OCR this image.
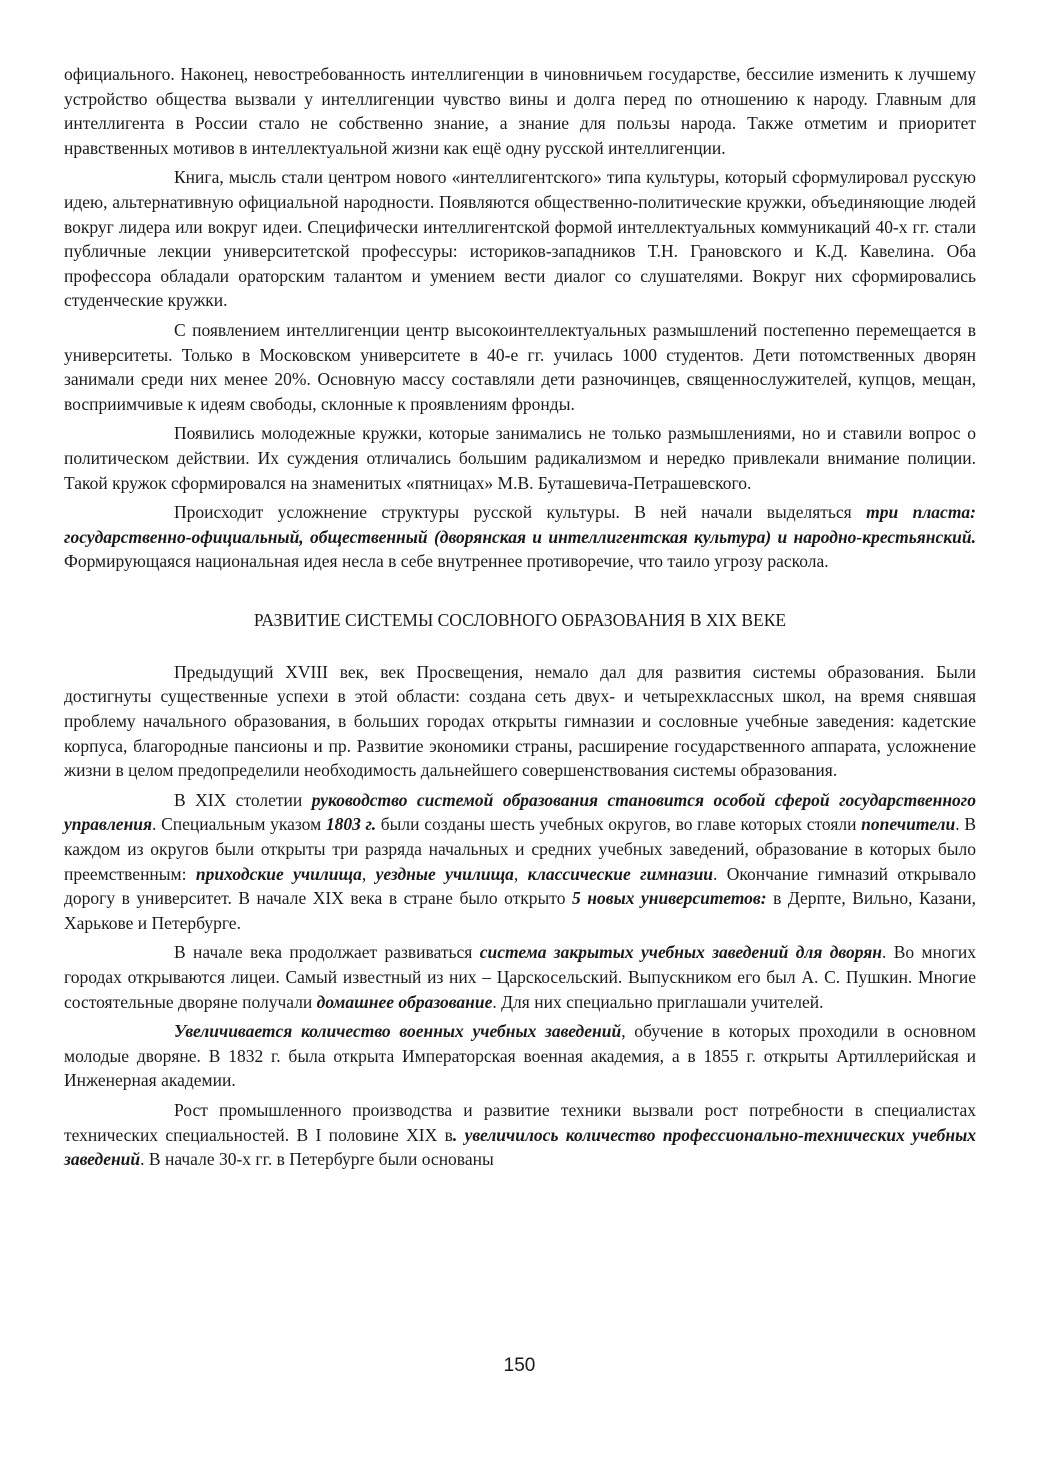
официального. Наконец, невостребованность интеллигенции в чиновничьем государстве, бессилие изменить к лучшему устройство общества вызвали у интеллигенции чувство вины и долга перед по отношению к народу. Главным для интеллигента в России стало не собственно знание, а знание для пользы народа. Также отметим и приоритет нравственных мотивов в интеллектуальной жизни как ещё одну русской интеллигенции.

Книга, мысль стали центром нового «интеллигентского» типа культуры, который сформулировал русскую идею, альтернативную официальной народности. Появляются общественно-политические кружки, объединяющие людей вокруг лидера или вокруг идеи. Специфически интеллигентской формой интеллектуальных коммуникаций 40-х гг. стали публичные лекции университетской профессуры: историков-западников Т.Н. Грановского и К.Д. Кавелина. Оба профессора обладали ораторским талантом и умением вести диалог со слушателями. Вокруг них сформировались студенческие кружки.

С появлением интеллигенции центр высокоинтеллектуальных размышлений постепенно перемещается в университеты. Только в Московском университете в 40-е гг. училась 1000 студентов. Дети потомственных дворян занимали среди них менее 20%. Основную массу составляли дети разночинцев, священнослужителей, купцов, мещан, восприимчивые к идеям свободы, склонные к проявлениям фронды.

Появились молодежные кружки, которые занимались не только размышлениями, но и ставили вопрос о политическом действии. Их суждения отличались большим радикализмом и нередко привлекали внимание полиции. Такой кружок сформировался на знаменитых «пятницах» М.В. Буташевича-Петрашевского.

Происходит усложнение структуры русской культуры. В ней начали выделяться три пласта: государственно-официальный, общественный (дворянская и интеллигентская культура) и народно-крестьянский. Формирующаяся национальная идея несла в себе внутреннее противоречие, что таило угрозу раскола.

РАЗВИТИЕ СИСТЕМЫ СОСЛОВНОГО ОБРАЗОВАНИЯ В XIX ВЕКЕ

Предыдущий XVIII век, век Просвещения, немало дал для развития системы образования. Были достигнуты существенные успехи в этой области: создана сеть двух- и четырехклассных школ, на время снявшая проблему начального образования, в больших городах открыты гимназии и сословные учебные заведения: кадетские корпуса, благородные пансионы и пр. Развитие экономики страны, расширение государственного аппарата, усложнение жизни в целом предопределили необходимость дальнейшего совершенствования системы образования.

В XIX столетии руководство системой образования становится особой сферой государственного управления. Специальным указом 1803 г. были созданы шесть учебных округов, во главе которых стояли попечители. В каждом из округов были открыты три разряда начальных и средних учебных заведений, образование в которых было преемственным: приходские училища, уездные училища, классические гимназии. Окончание гимназий открывало дорогу в университет. В начале XIX века в стране было открыто 5 новых университетов: в Дерпте, Вильно, Казани, Харькове и Петербурге.

В начале века продолжает развиваться система закрытых учебных заведений для дворян. Во многих городах открываются лицеи. Самый известный из них – Царскосельский. Выпускником его был А. С. Пушкин. Многие состоятельные дворяне получали домашнее образование. Для них специально приглашали учителей.

Увеличивается количество военных учебных заведений, обучение в которых проходили в основном молодые дворяне. В 1832 г. была открыта Императорская военная академия, а в 1855 г. открыты Артиллерийская и Инженерная академии.

Рост промышленного производства и развитие техники вызвали рост потребности в специалистах технических специальностей. В I половине XIX в. увеличилось количество профессионально-технических учебных заведений. В начале 30-х гг. в Петербурге были основаны

150
